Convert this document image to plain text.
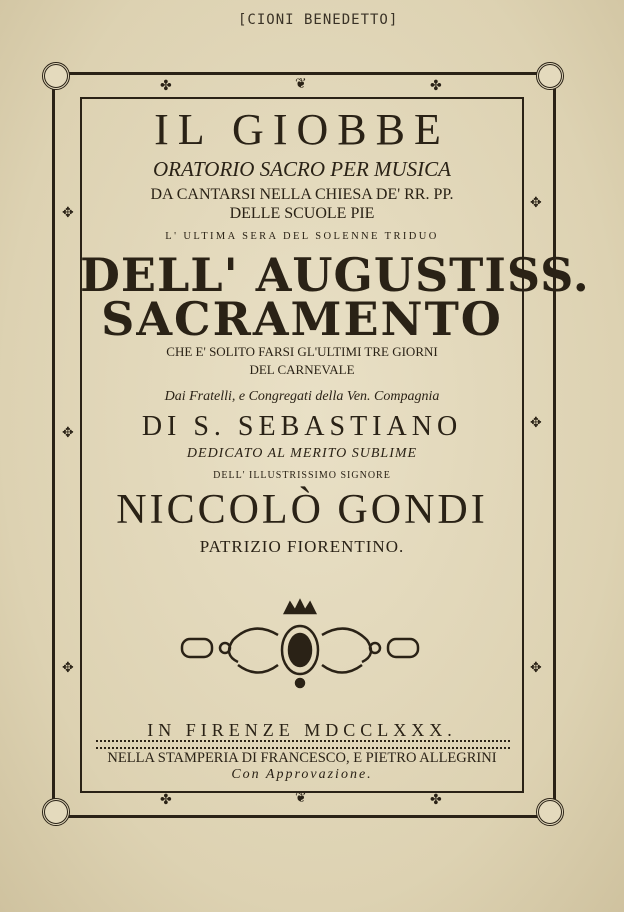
[CIONI BENEDETTO]
✤	❦	✤
✤	❦	✤
✥
✥
✥
✥
✥
✥
IL GIOBBE
ORATORIO SACRO PER MUSICA
DA CANTARSI NELLA CHIESA DE' RR. PP.
DELLE SCUOLE PIE
L' ULTIMA SERA DEL SOLENNE TRIDUO
DELL' AUGUSTISS.
SACRAMENTO
CHE E' SOLITO FARSI GL'ULTIMI TRE GIORNI
DEL CARNEVALE
Dai Fratelli, e Congregati della Ven. Compagnia
DI S. SEBASTIANO
DEDICATO AL MERITO SUBLIME
DELL' ILLUSTRISSIMO SIGNORE
NICCOLÒ GONDI
PATRIZIO FIORENTINO.
IN FIRENZE MDCCLXXX.
NELLA STAMPERIA DI FRANCESCO, E PIETRO ALLEGRINI
Con Approvazione.
